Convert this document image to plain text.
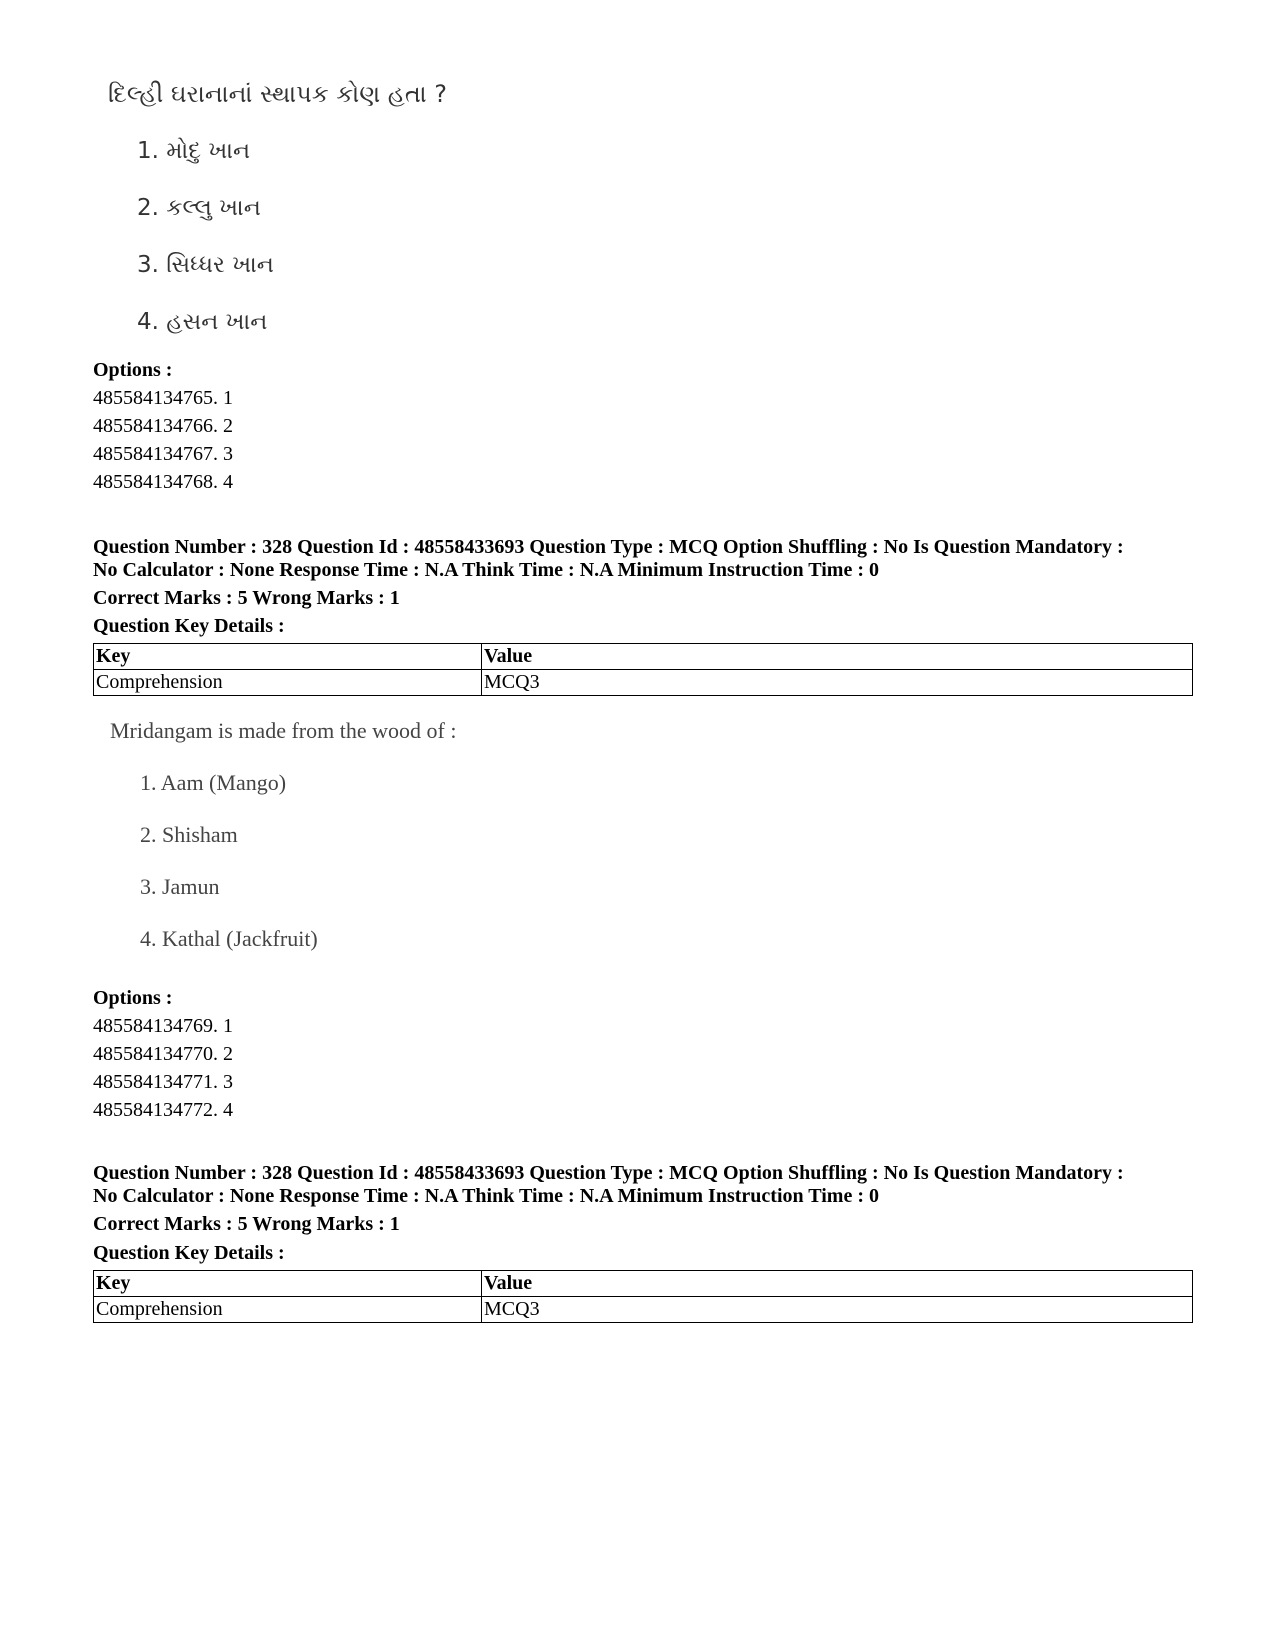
દિલ્હી ઘરાનાનાં સ્થાપક કોણ હતા ?
1. મોદુ ખાન
2. કલ્લુ ખાન
3. સિધ્ધર ખાન
4. હસન ખાન
Options :
485584134765. 1
485584134766. 2
485584134767. 3
485584134768. 4
Question Number : 328 Question Id : 48558433693 Question Type : MCQ Option Shuffling : No Is Question Mandatory :
No Calculator : None Response Time : N.A Think Time : N.A Minimum Instruction Time : 0
Correct Marks : 5 Wrong Marks : 1
Question Key Details :
Key	Value
Comprehension	MCQ3
Mridangam is made from the wood of :
1. Aam (Mango)
2. Shisham
3. Jamun
4. Kathal (Jackfruit)
Options :
485584134769. 1
485584134770. 2
485584134771. 3
485584134772. 4
Question Number : 328 Question Id : 48558433693 Question Type : MCQ Option Shuffling : No Is Question Mandatory :
No Calculator : None Response Time : N.A Think Time : N.A Minimum Instruction Time : 0
Correct Marks : 5 Wrong Marks : 1
Question Key Details :
Key	Value
Comprehension	MCQ3
